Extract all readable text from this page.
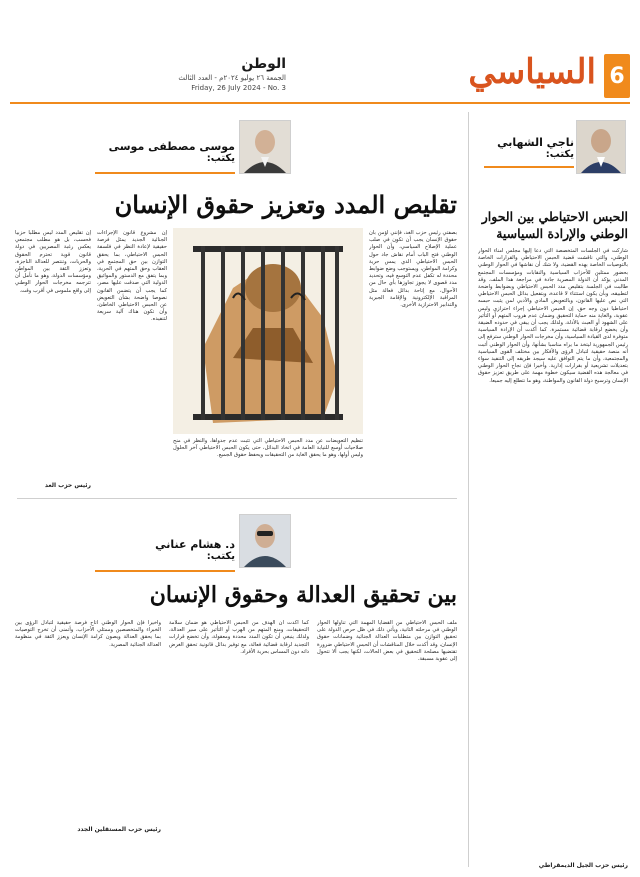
6
السياسي
الوطن
الجمعة ٢٦ يوليو ٢٠٢٤م - العدد الثالث
Friday, 26 July 2024 - No. 3
ناجي الشهابي
يكتب:
الحبس الاحتياطي بين الحوار
الوطني والإرادة السياسية
شاركت في الجلسات المتخصصة التي دعا إليها مجلس أمناء الحوار الوطني، والتي ناقشت قضية الحبس الاحتياطي والقرارات الخاصة بالتوصيات الخاصة بهذه القضية، ولا شك أن نقاشها في الحوار الوطني بحضور ممثلين للأحزاب السياسية والنقابات ومؤسسات المجتمع المدني يؤكد أن الدولة المصرية جادة في مراجعة هذا الملف. وقد طالبت في الجلسة بتقليص مدد الحبس الاحتياطي وبضوابط واضحة لتطبيقه، وبأن يكون استثناء لا قاعدة، وبتفعيل بدائل الحبس الاحتياطي التي نص عليها القانون، وبالتعويض المادي والأدبي لمن يثبت حبسه احتياطيا دون وجه حق. إن الحبس الاحتياطي إجراء احترازي وليس عقوبة، والغاية منه حماية التحقيق وضمان عدم هروب المتهم أو التأثير على الشهود أو العبث بالأدلة، ولذلك يجب أن يبقى في حدوده الضيقة وأن يخضع لرقابة قضائية مستمرة. كما أكدت أن الإرادة السياسية متوفرة لدى القيادة السياسية، وأن مخرجات الحوار الوطني سترفع إلى رئيس الجمهورية ليتخذ ما يراه مناسبا بشأنها، وأن الحوار الوطني أثبت أنه منصة حقيقية لتبادل الرؤى والأفكار بين مختلف القوى السياسية والمجتمعية، وأن ما يتم التوافق عليه سيجد طريقه إلى التنفيذ سواء بتعديلات تشريعية أو بقرارات إدارية. وأخيرا فإن نجاح الحوار الوطني في معالجة هذه القضية سيكون خطوة مهمة على طريق تعزيز حقوق الإنسان وترسيخ دولة القانون والمواطنة، وهو ما نتطلع إليه جميعا.
رئيس حزب الجيل الديمقراطي
موسى مصطفى موسى
يكتب:
تقليص المدد وتعزيز حقوق الإنسان
بصفتي رئيس حزب الغد، فإنني أؤمن بأن حقوق الإنسان يجب أن تكون في صلب عملية الإصلاح السياسي، وأن الحوار الوطني فتح الباب أمام نقاش جاد حول الحبس الاحتياطي الذي يمس حرية وكرامة المواطن، ويستوجب وضع ضوابط محددة له تكفل عدم التوسع فيه، وتحديد مدد قصوى لا يجوز تجاوزها بأي حال من الأحوال، مع إتاحة بدائل فعالة مثل المراقبة الإلكترونية والإقامة الجبرية والتدابير الاحترازية الأخرى.
إن مشروع قانون الإجراءات الجنائية الجديد يمثل فرصة حقيقية لإعادة النظر في فلسفة الحبس الاحتياطي، بما يحقق التوازن بين حق المجتمع في العقاب وحق المتهم في الحرية، وبما يتفق مع الدستور والمواثيق الدولية التي صدقت عليها مصر، كما يجب أن يتضمن القانون نصوصا واضحة بشأن التعويض عن الحبس الاحتياطي الخاطئ، وأن تكون هناك آلية سريعة لتنفيذه.
إن تقليص المدد ليس مطلبا حزبيا فحسب، بل هو مطلب مجتمعي يعكس رغبة المصريين في دولة قانون قوية تحترم الحقوق والحريات، وتنتصر للعدالة الناجزة، وتعزز الثقة بين المواطن ومؤسسات الدولة، وهو ما نأمل أن تترجمه مخرجات الحوار الوطني إلى واقع ملموس في أقرب وقت.
تنظيم التعويضات عن مدد الحبس الاحتياطي التي تثبت عدم جدواها، والنظر في منح صلاحيات أوسع للنيابة العامة في اتخاذ البدائل، حتى يكون الحبس الاحتياطي آخر الحلول وليس أولها، وهو ما يحقق الغاية من التحقيقات ويحفظ حقوق الجميع.
رئيس حزب الغد
د. هشام عناني
يكتب:
بين تحقيق العدالة وحقوق الإنسان
ملف الحبس الاحتياطي من القضايا المهمة التي تناولها الحوار الوطني في مرحلته الثانية، ويأتي ذلك في ظل حرص الدولة على تحقيق التوازن بين متطلبات العدالة الجنائية وضمانات حقوق الإنسان، وقد أكدت خلال المناقشات أن الحبس الاحتياطي ضرورة تقتضيها مصلحة التحقيق في بعض الحالات، لكنها يجب ألا تتحول إلى عقوبة مسبقة.
كما أكدت أن الهدف من الحبس الاحتياطي هو ضمان سلامة التحقيقات، ومنع المتهم من الهرب أو التأثير على سير العدالة، ولذلك ينبغي أن تكون المدد محددة ومعقولة، وأن تخضع قرارات التجديد لرقابة قضائية فعالة، مع توفير بدائل قانونية تحقق الغرض ذاته دون المساس بحرية الأفراد.
وأخيرا فإن الحوار الوطني أتاح فرصة حقيقية لتبادل الرؤى بين الخبراء والمتخصصين وممثلي الأحزاب، وأتمنى أن تخرج التوصيات بما يحقق العدالة ويصون كرامة الإنسان ويعزز الثقة في منظومة العدالة الجنائية المصرية.
رئيس حزب المستقلين الجدد
